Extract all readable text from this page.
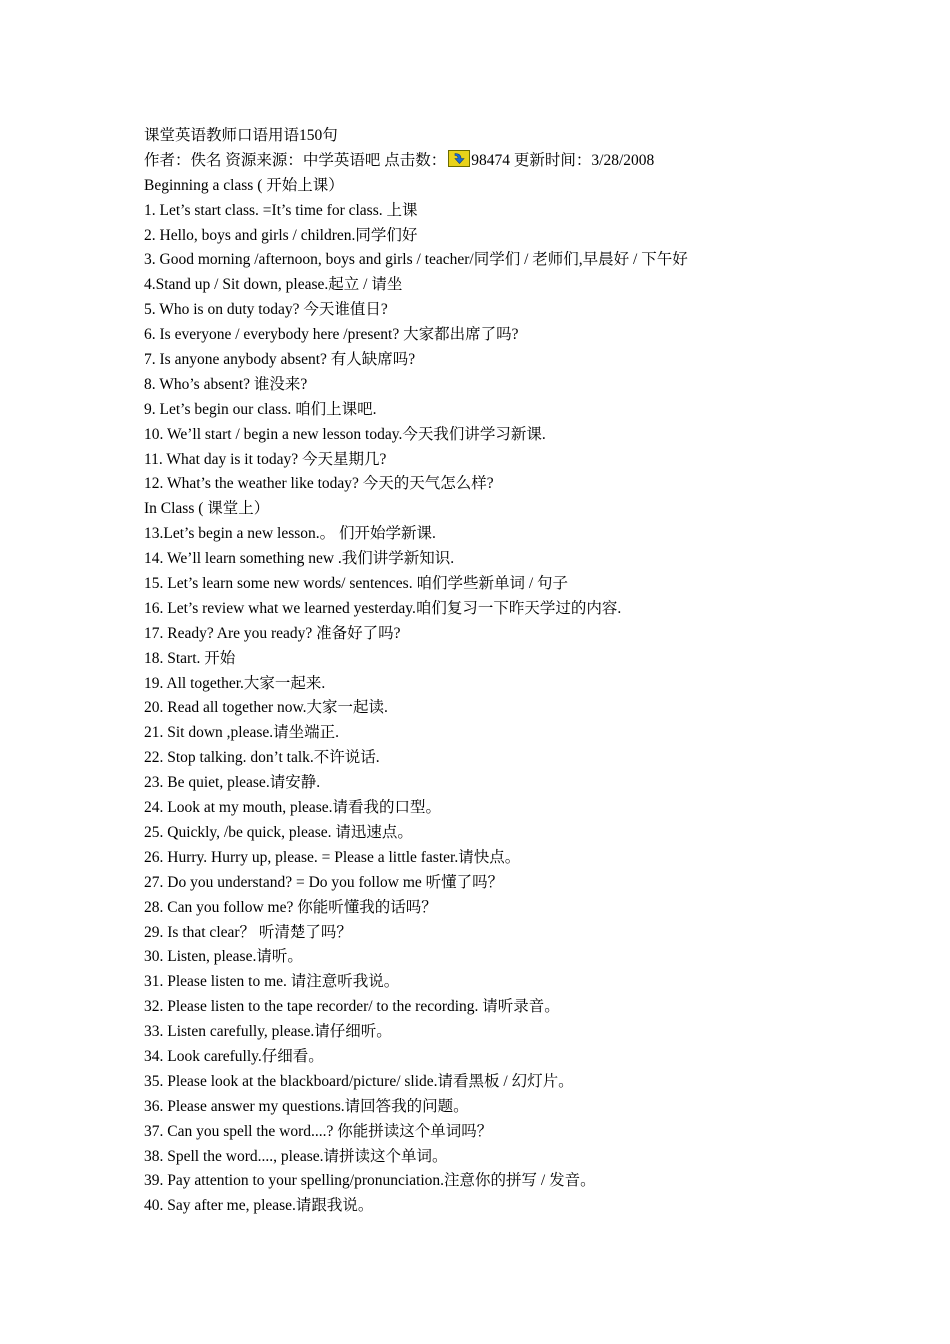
课堂英语教师口语用语150句
作者：佚名 资源来源：中学英语吧 点击数： 98474 更新时间：3/28/2008
Beginning a class ( 开始上课）
1. Let’s start class. =It’s time for class. 上课
2. Hello, boys and girls / children.同学们好
3. Good morning /afternoon, boys and girls / teacher/同学们 / 老师们,早晨好 / 下午好
4.Stand up / Sit down, please.起立 / 请坐
5. Who is on duty today? 今天谁值日?
6. Is everyone / everybody here /present? 大家都出席了吗?
7. Is anyone anybody absent? 有人缺席吗?
8. Who’s absent? 谁没来?
9. Let’s begin our class. 咱们上课吧.
10. We’ll start / begin a new lesson today.今天我们讲学习新课.
11. What day is it today? 今天星期几?
12. What’s the weather like today? 今天的天气怎么样?
In Class ( 课堂上）
13.Let’s begin a new lesson.。 们开始学新课.
14. We’ll learn something new .我们讲学新知识.
15. Let’s learn some new words/ sentences. 咱们学些新单词 / 句子
16. Let’s review what we learned yesterday.咱们复习一下昨天学过的内容.
17. Ready? Are you ready? 准备好了吗?
18. Start. 开始
19. All together.大家一起来.
20. Read all together now.大家一起读.
21. Sit down ,please.请坐端正.
22. Stop talking. don’t talk.不许说话.
23. Be quiet, please.请安静.
24. Look at my mouth, please.请看我的口型。
25. Quickly, /be quick, please. 请迅速点。
26. Hurry. Hurry up, please. = Please a little faster.请快点。
27. Do you understand? = Do you follow me 听懂了吗？
28. Can you follow me? 你能听懂我的话吗？
29. Is that clear？ 听清楚了吗？
30. Listen, please.请听。
31. Please listen to me. 请注意听我说。
32. Please listen to the tape recorder/ to the recording. 请听录音。
33. Listen carefully, please.请仔细听。
34. Look carefully.仔细看。
35. Please look at the blackboard/picture/ slide.请看黑板 / 幻灯片。
36. Please answer my questions.请回答我的问题。
37. Can you spell the word....? 你能拼读这个单词吗？
38. Spell the word...., please.请拼读这个单词。
39. Pay attention to your spelling/pronunciation.注意你的拼写 / 发音。
40. Say after me, please.请跟我说。
